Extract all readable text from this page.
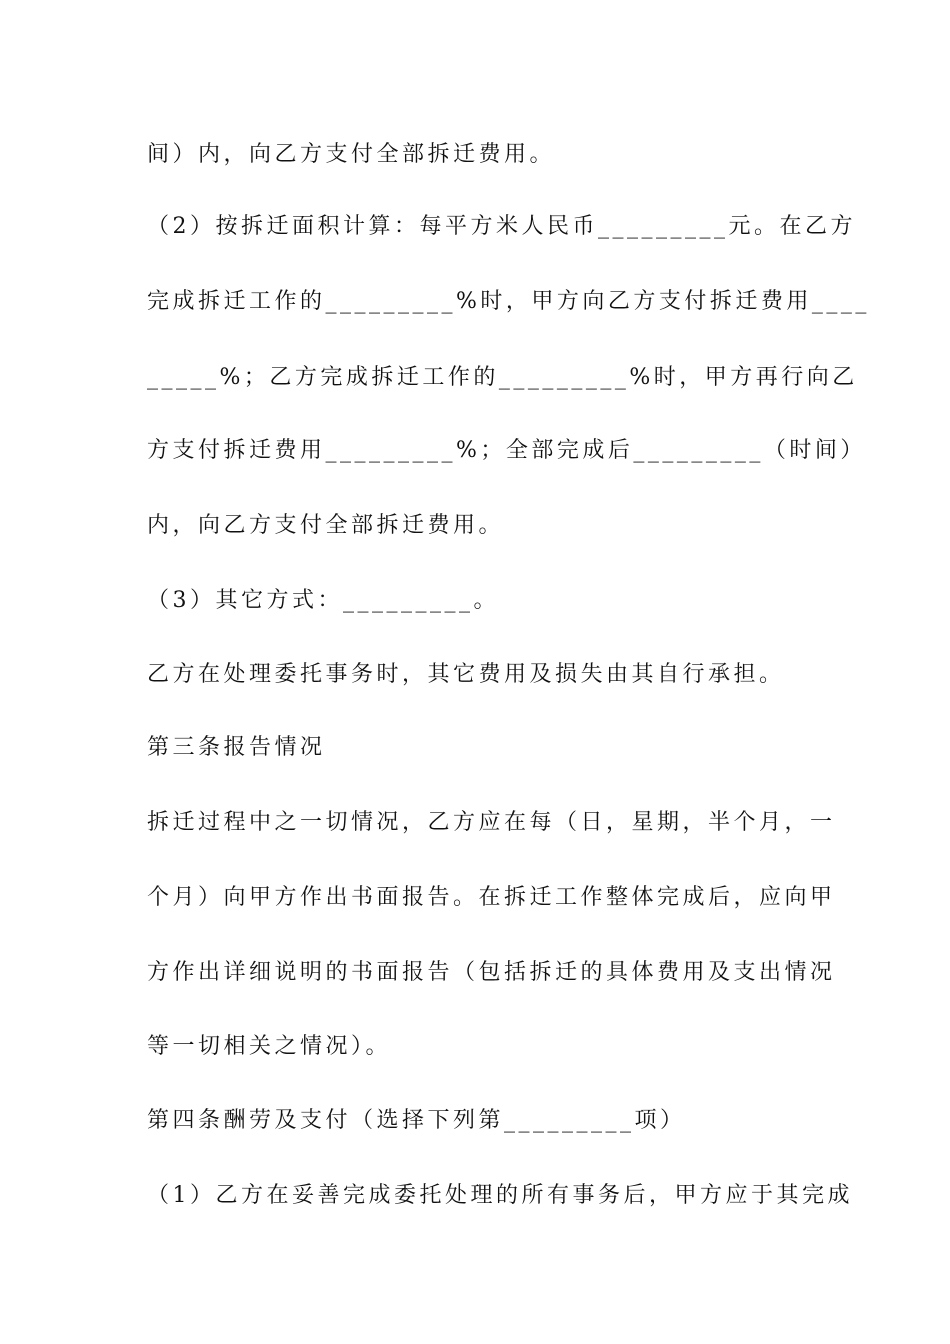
间）内，向乙方支付全部拆迁费用。
（2）按拆迁面积计算：每平方米人民币_________元。在乙方
完成拆迁工作的_________%时，甲方向乙方支付拆迁费用____
_____%；乙方完成拆迁工作的_________%时，甲方再行向乙
方支付拆迁费用_________%；全部完成后_________（时间）
内，向乙方支付全部拆迁费用。
（3）其它方式：_________。
乙方在处理委托事务时，其它费用及损失由其自行承担。
第三条报告情况
拆迁过程中之一切情况，乙方应在每（日，星期，半个月，一
个月）向甲方作出书面报告。在拆迁工作整体完成后，应向甲
方作出详细说明的书面报告（包括拆迁的具体费用及支出情况
等一切相关之情况）。
第四条酬劳及支付（选择下列第_________项）
（1）乙方在妥善完成委托处理的所有事务后，甲方应于其完成
